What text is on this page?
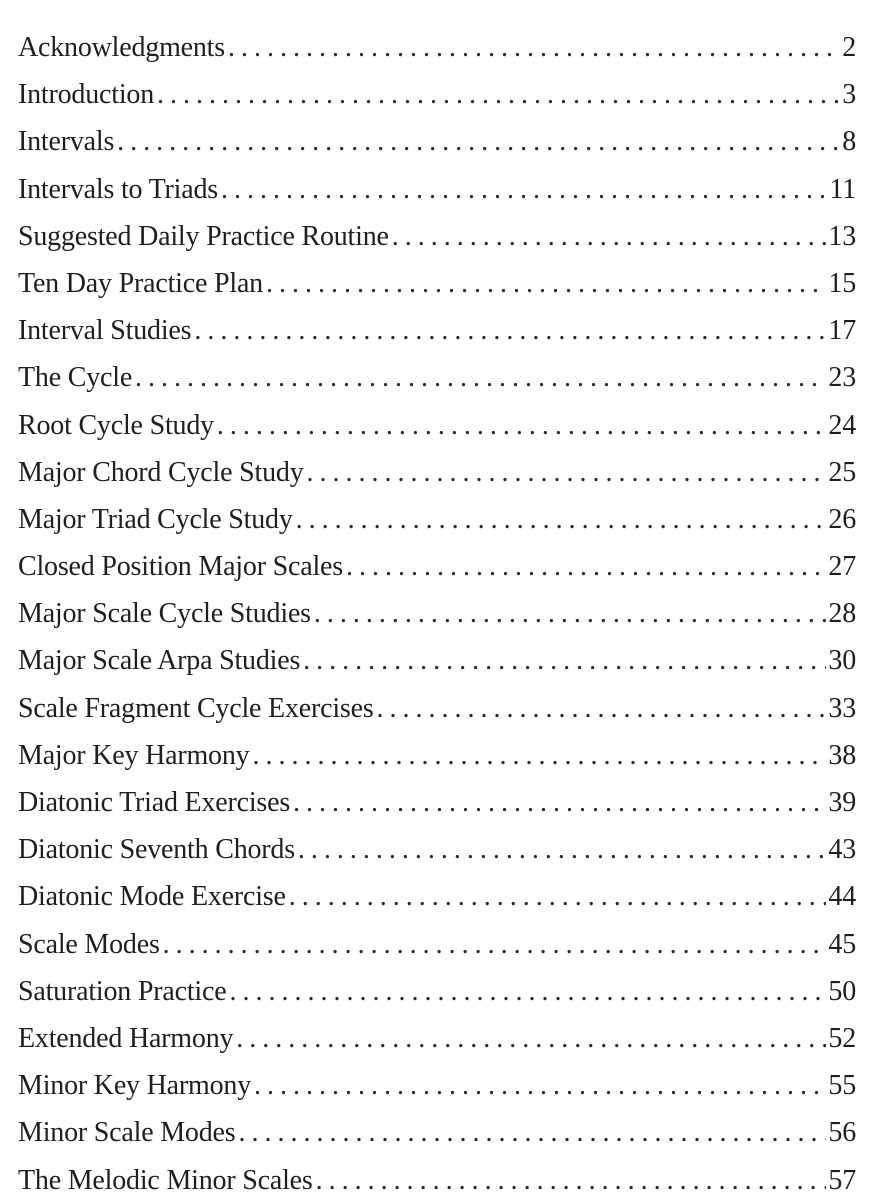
Acknowledgments . . .	2
Introduction . . .	3
Intervals . . .	8
Intervals to Triads . . .	11
Suggested Daily Practice Routine . . .	13
Ten Day Practice Plan . . .	15
Interval Studies . . .	17
The Cycle . . .	23
Root Cycle Study . . .	24
Major Chord Cycle Study . . .	25
Major Triad Cycle Study . . .	26
Closed Position Major Scales . . .	27
Major Scale Cycle Studies . . .	28
Major Scale Arpa Studies . . .	30
Scale Fragment Cycle Exercises . . .	33
Major Key Harmony . . .	38
Diatonic Triad Exercises . . .	39
Diatonic Seventh Chords . . .	43
Diatonic Mode Exercise . . .	44
Scale Modes . . .	45
Saturation Practice . . .	50
Extended Harmony . . .	52
Minor Key Harmony . . .	55
Minor Scale Modes . . .	56
The Melodic Minor Scales . . .	57
